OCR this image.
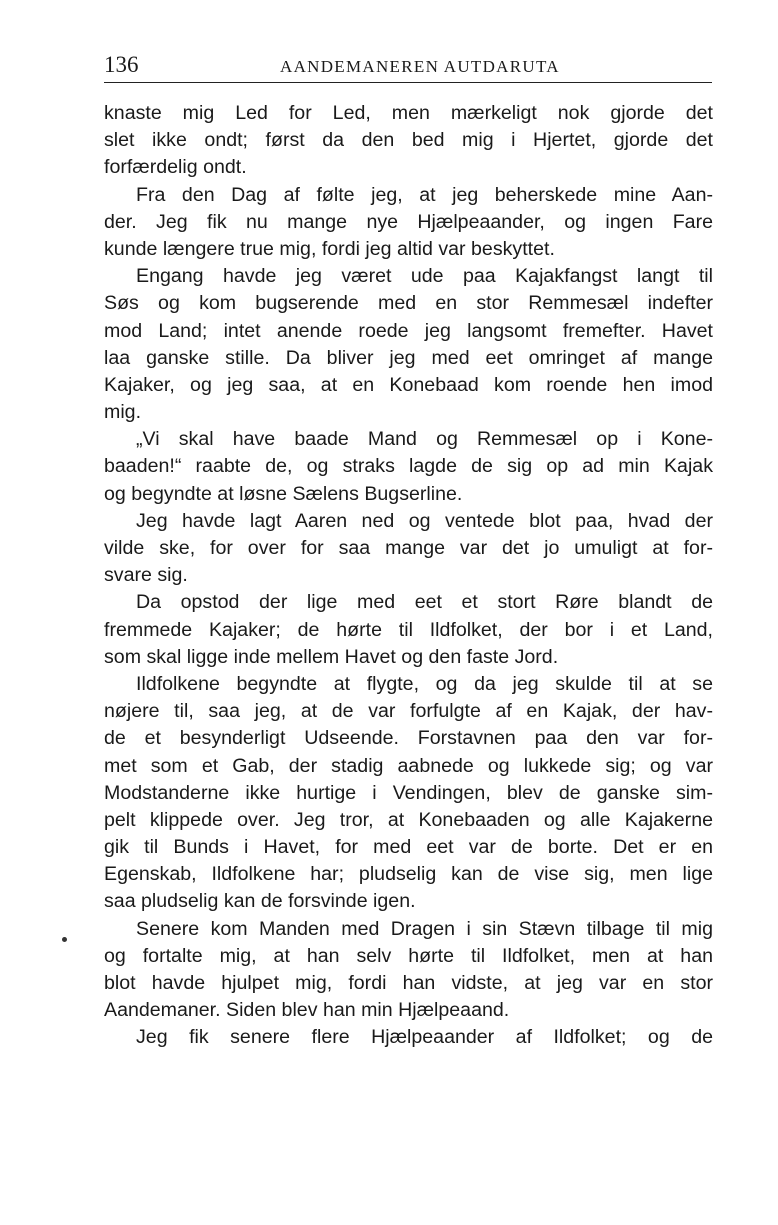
136	AANDEMANEREN AUTDARUTA
knaste mig Led for Led, men mærkeligt nok gjorde det
slet ikke ondt; først da den bed mig i Hjertet, gjorde det
forfærdelig ondt.
Fra den Dag af følte jeg, at jeg beherskede mine Aan-
der. Jeg fik nu mange nye Hjælpeaander, og ingen Fare
kunde længere true mig, fordi jeg altid var beskyttet.
Engang havde jeg været ude paa Kajakfangst langt til
Søs og kom bugserende med en stor Remmesæl indefter
mod Land; intet anende roede jeg langsomt fremefter. Havet
laa ganske stille. Da bliver jeg med eet omringet af mange
Kajaker, og jeg saa, at en Konebaad kom roende hen imod
mig.
„Vi skal have baade Mand og Remmesæl op i Kone-
baaden!“ raabte de, og straks lagde de sig op ad min Kajak
og begyndte at løsne Sælens Bugserline.
Jeg havde lagt Aaren ned og ventede blot paa, hvad der
vilde ske, for over for saa mange var det jo umuligt at for-
svare sig.
Da opstod der lige med eet et stort Røre blandt de
fremmede Kajaker; de hørte til Ildfolket, der bor i et Land,
som skal ligge inde mellem Havet og den faste Jord.
Ildfolkene begyndte at flygte, og da jeg skulde til at se
nøjere til, saa jeg, at de var forfulgte af en Kajak, der hav-
de et besynderligt Udseende. Forstavnen paa den var for-
met som et Gab, der stadig aabnede og lukkede sig; og var
Modstanderne ikke hurtige i Vendingen, blev de ganske sim-
pelt klippede over. Jeg tror, at Konebaaden og alle Kajakerne
gik til Bunds i Havet, for med eet var de borte. Det er en
Egenskab, Ildfolkene har; pludselig kan de vise sig, men lige
saa pludselig kan de forsvinde igen.
Senere kom Manden med Dragen i sin Stævn tilbage til mig
og fortalte mig, at han selv hørte til Ildfolket, men at han
blot havde hjulpet mig, fordi han vidste, at jeg var en stor
Aandemaner. Siden blev han min Hjælpeaand.
Jeg fik senere flere Hjælpeaander af Ildfolket; og de
